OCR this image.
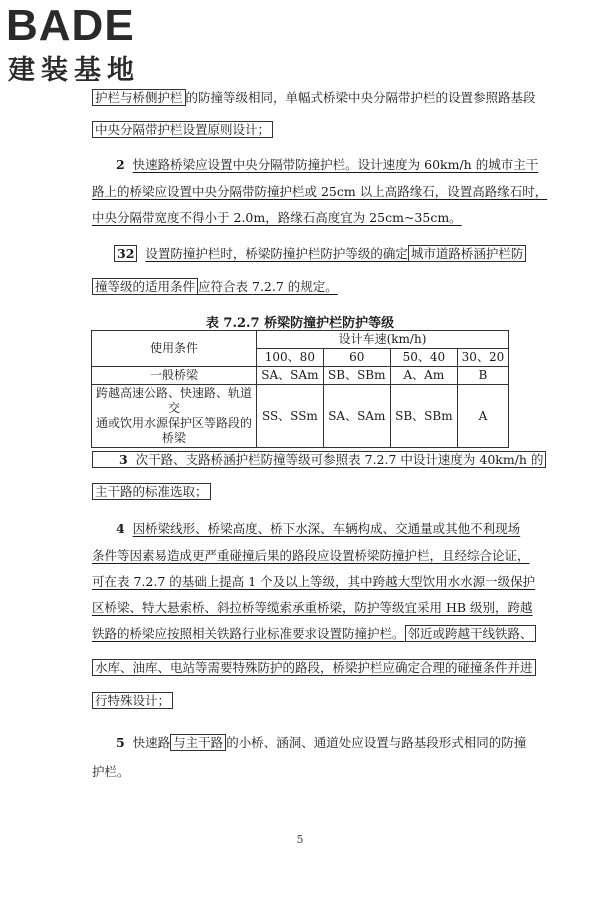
BADE
建装基地
护栏与桥侧护栏 的防撞等级相同，单幅式桥梁中央分隔带护栏的设置参照路基段
中央分隔带护栏设置原则设计；
2 快速路桥梁应设置中央分隔带防撞护栏。设计速度为 60km/h 的城市主干
路上的桥梁应设置中央分隔带防撞护栏或 25cm 以上高路缘石，设置高路缘石时，
中央分隔带宽度不得小于 2.0m，路缘石高度宜为 25cm~35cm。
32 设置防撞护栏时，桥梁防撞护栏防护等级的确定 城市道路桥涵护栏防
撞等级的适用条件 应符合表 7.2.7 的规定。
表 7.2.7 桥梁防撞护栏防护等级
使用条件	设计车速(km/h)			
	100、80	60	50、40	30、20
一般桥梁	SA、SAm	SB、SBm	A、Am	B

跨越高速公路、快速路、轨道交
通或饮用水源保护区等路段的
桥梁	SS、SSm	SA、SAm	SB、SBm	A
3 次干路、支路桥涵护栏防撞等级可参照表 7.2.7 中设计速度为 40km/h 的
主干路的标准选取；
4 因桥梁线形、桥梁高度、桥下水深、车辆构成、交通量或其他不利现场
条件等因素易造成更严重碰撞后果的路段应设置桥梁防撞护栏，且经综合论证，
可在表 7.2.7 的基础上提高 1 个及以上等级，其中跨越大型饮用水水源一级保护
区桥梁、特大悬索桥、斜拉桥等缆索承重桥梁，防护等级宜采用 HB 级别，跨越
铁路的桥梁应按照相关铁路行业标准要求设置防撞护栏。 邻近或跨越干线铁路、
水库、油库、电站等需要特殊防护的路段，桥梁护栏应确定合理的碰撞条件并进
行特殊设计；
5 快速路 与主干路 的小桥、涵洞、通道处应设置与路基段形式相同的防撞
护栏。
5
